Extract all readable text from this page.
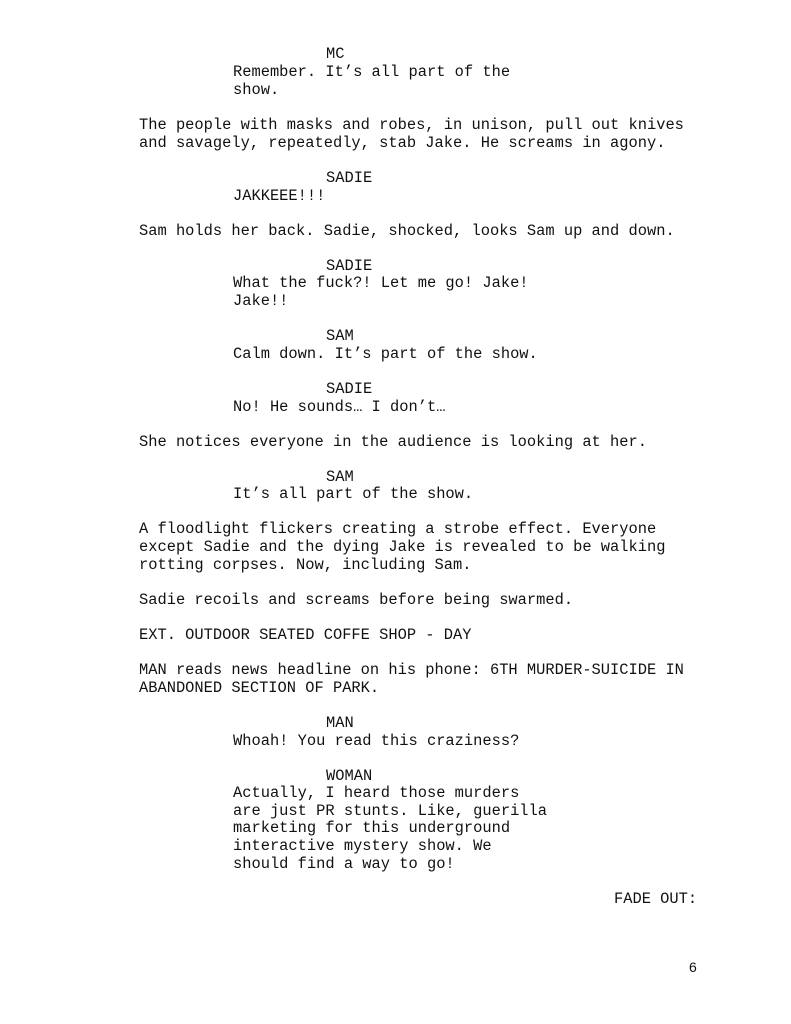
MC
Remember. It’s all part of the
show.
The people with masks and robes, in unison, pull out knives
and savagely, repeatedly, stab Jake. He screams in agony.
SADIE
JAKKEEE!!!
Sam holds her back. Sadie, shocked, looks Sam up and down.
SADIE
What the fuck?! Let me go! Jake!
Jake!!
SAM
Calm down. It’s part of the show.
SADIE
No! He sounds… I don’t…
She notices everyone in the audience is looking at her.
SAM
It’s all part of the show.
A floodlight flickers creating a strobe effect. Everyone
except Sadie and the dying Jake is revealed to be walking
rotting corpses. Now, including Sam.
Sadie recoils and screams before being swarmed.
EXT. OUTDOOR SEATED COFFE SHOP - DAY
MAN reads news headline on his phone: 6TH MURDER-SUICIDE IN
ABANDONED SECTION OF PARK.
MAN
Whoah! You read this craziness?
WOMAN
Actually, I heard those murders
are just PR stunts. Like, guerilla
marketing for this underground
interactive mystery show. We
should find a way to go!
FADE OUT:
6
